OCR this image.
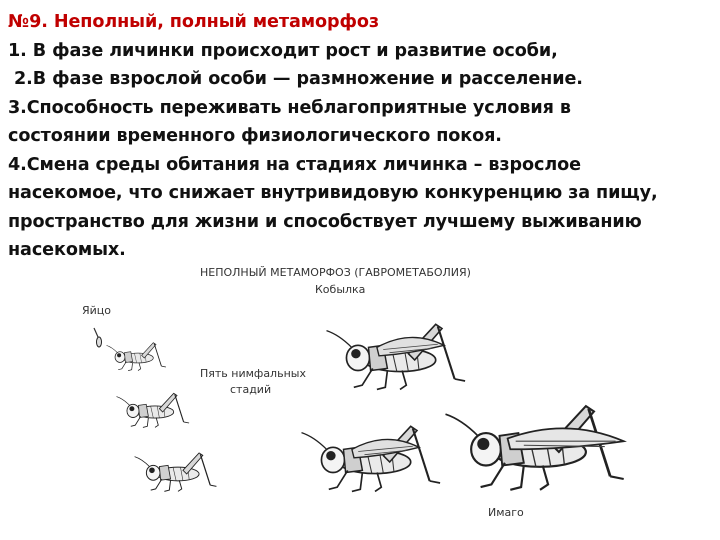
№9. Неполный, полный метаморфоз
1. В фазе личинки происходит рост и развитие особи,
2.В фазе взрослой особи — размножение и расселение.
3.Способность переживать неблагоприятные условия в
состоянии временного физиологического покоя.
4.Смена среды обитания на стадиях личинка – взрослое
насекомое, что снижает внутривидовую конкуренцию за пищу,
пространство для жизни и способствует лучшему выживанию
насекомых.
НЕПОЛНЫЙ МЕТАМОРФОЗ (ГАВРОМЕТАБОЛИЯ)
Кобылка
Яйцо
Пять нимфальных
стадий
Имаго
